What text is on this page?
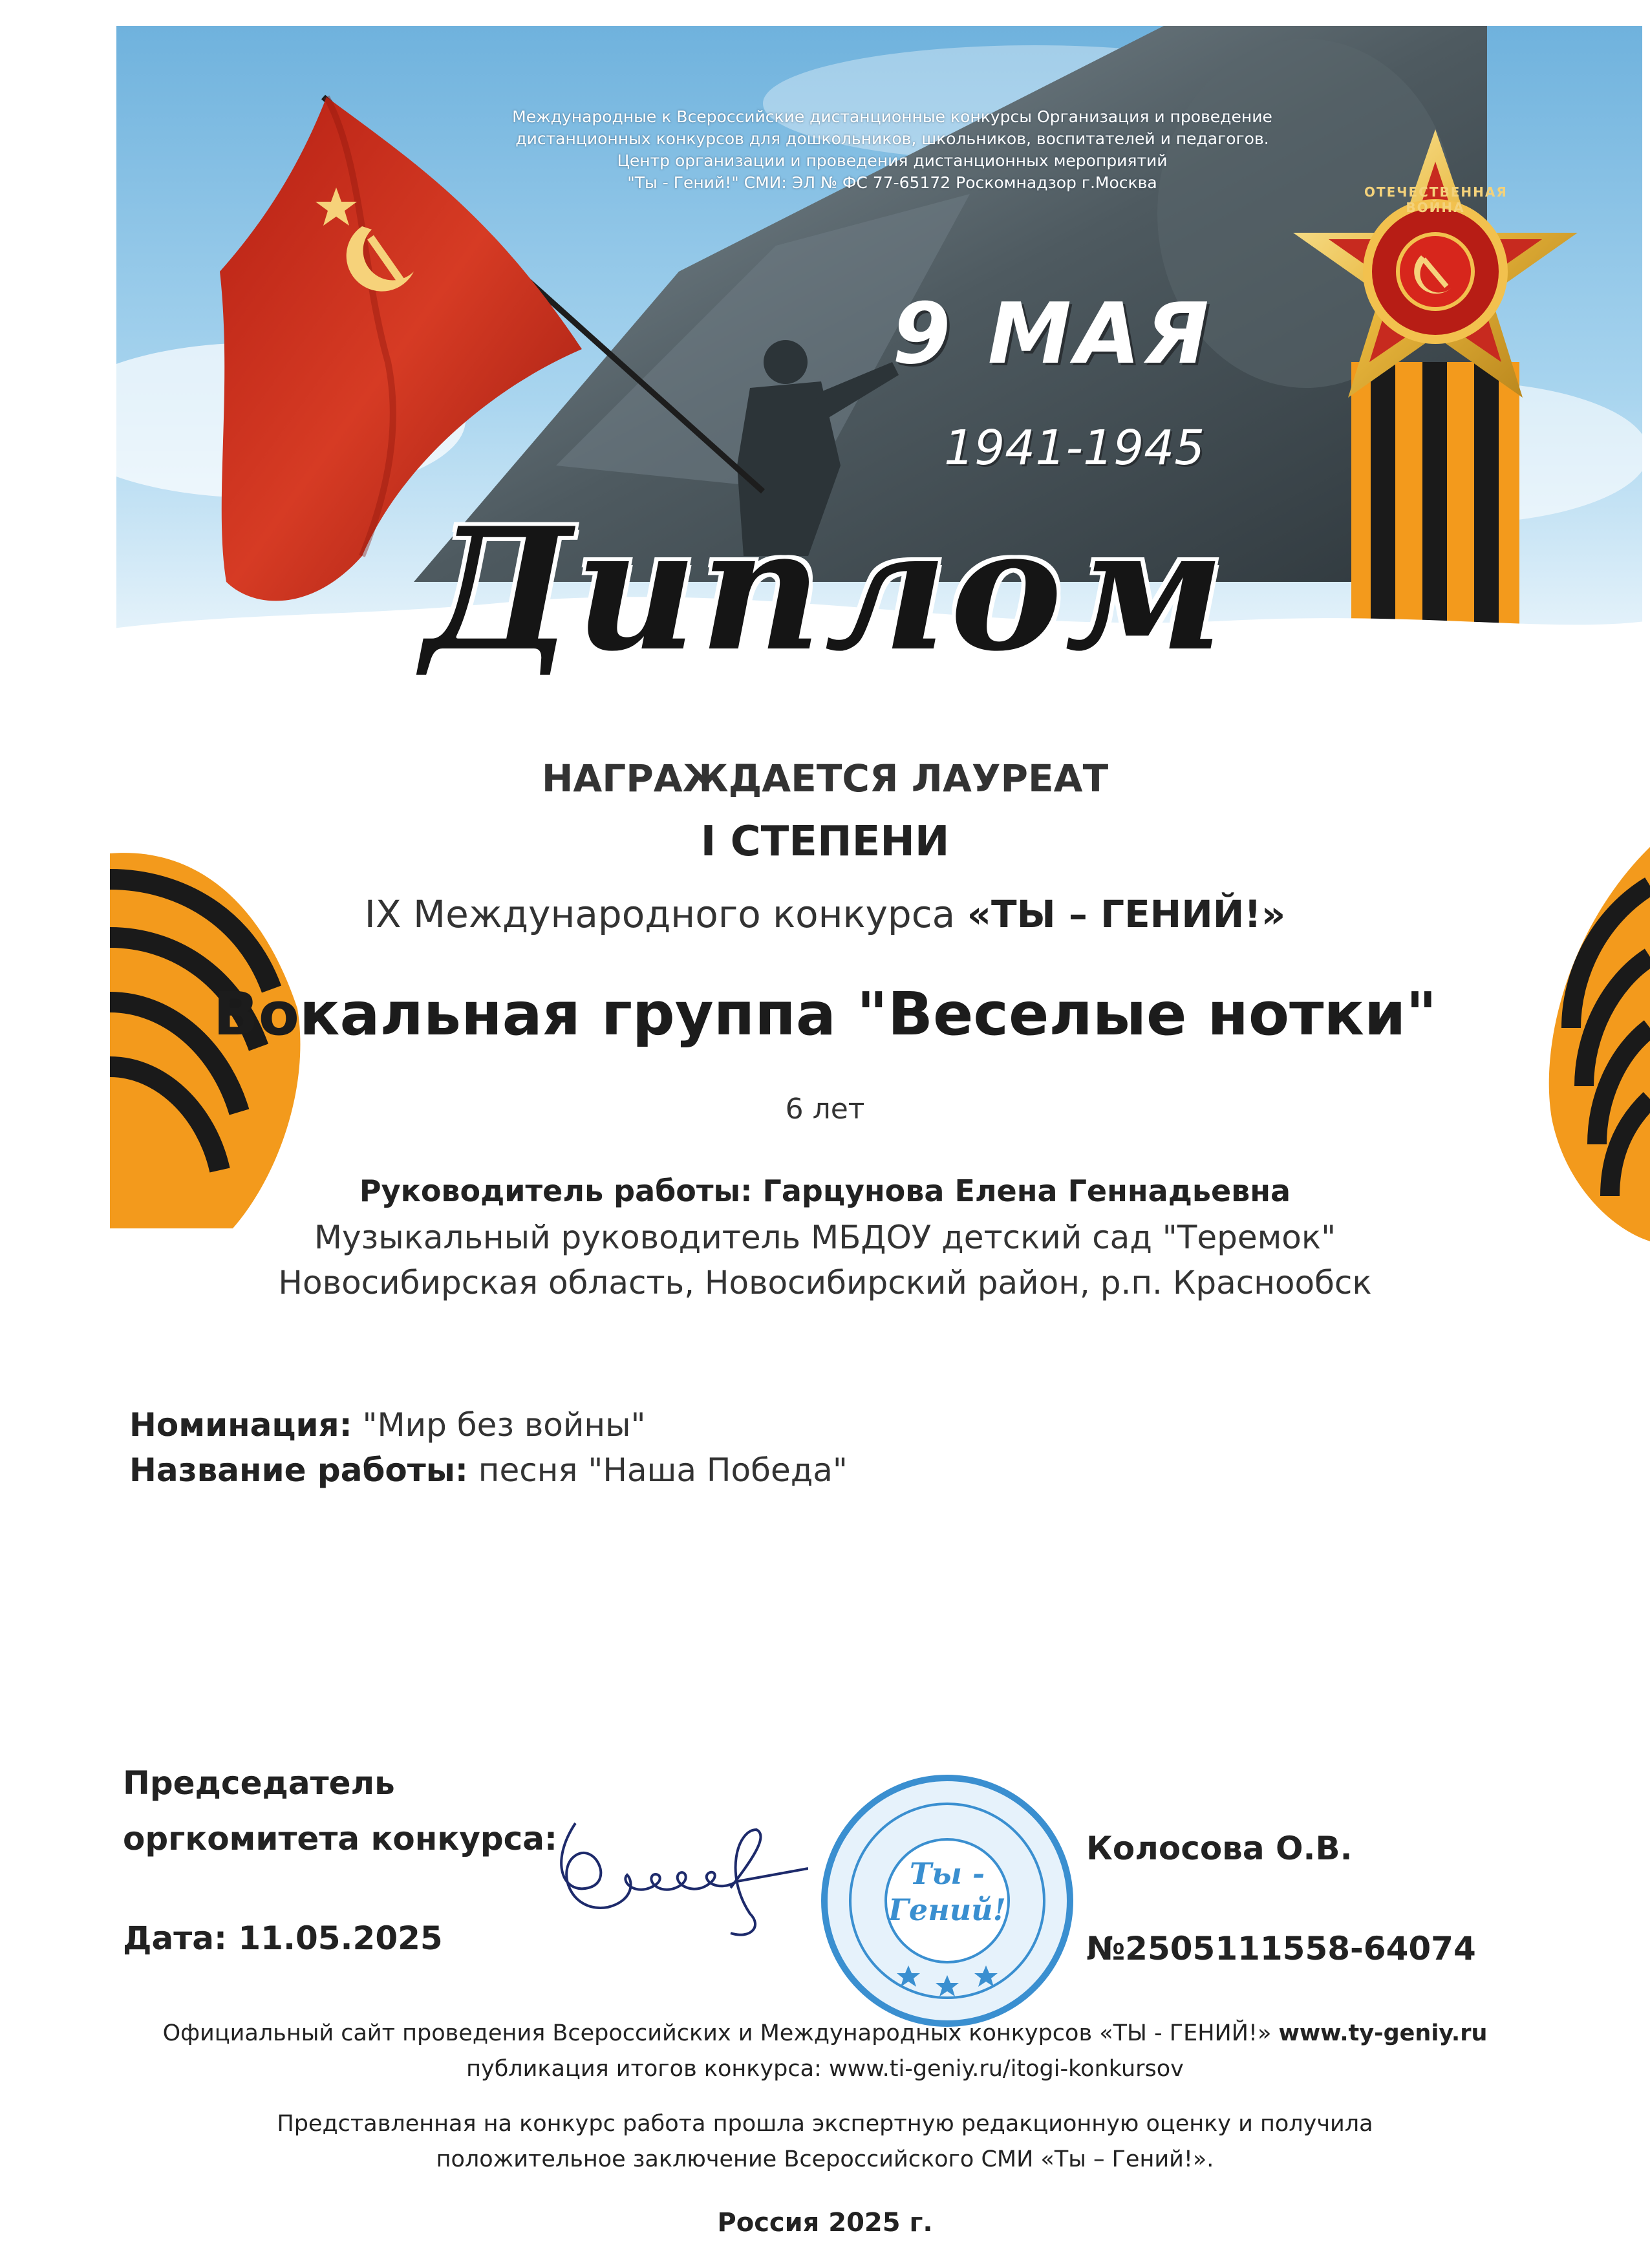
ОТЕЧЕСТВЕННАЯ ВОЙНА
Международные к Всероссийские дистанционные конкурсы Организация и проведение
дистанционных конкурсов для дошкольников, школьников, воспитателей и педагогов.
Центр организации и проведения дистанционных мероприятий
"Ты - Гений!" СМИ: ЭЛ № ФС 77-65172 Роскомнадзор г.Москва
9 МАЯ
1941-1945
Диплом
НАГРАЖДАЕТСЯ ЛАУРЕАТ
I СТЕПЕНИ
IX Международного конкурса «ТЫ – ГЕНИЙ!»
Вокальная группа "Веселые нотки"
6 лет
Руководитель работы: Гарцунова Елена Геннадьевна
Музыкальный руководитель МБДОУ детский сад "Теремок"
Новосибирская область, Новосибирский район, р.п. Краснообск
Номинация: "Мир без войны"
Название работы: песня "Наша Победа"
Председатель
оргкомитета конкурса:
Дата: 11.05.2025
Ты -
Гений!
Колосова О.В.
№2505111558-64074
Официальный сайт проведения Всероссийских и Международных конкурсов «ТЫ - ГЕНИЙ!» www.ty-geniy.ru
публикация итогов конкурса: www.ti-geniy.ru/itogi-konkursov
Представленная на конкурс работа прошла экспертную редакционную оценку и получила
положительное заключение Всероссийского СМИ «Ты – Гений!».
Россия 2025 г.
